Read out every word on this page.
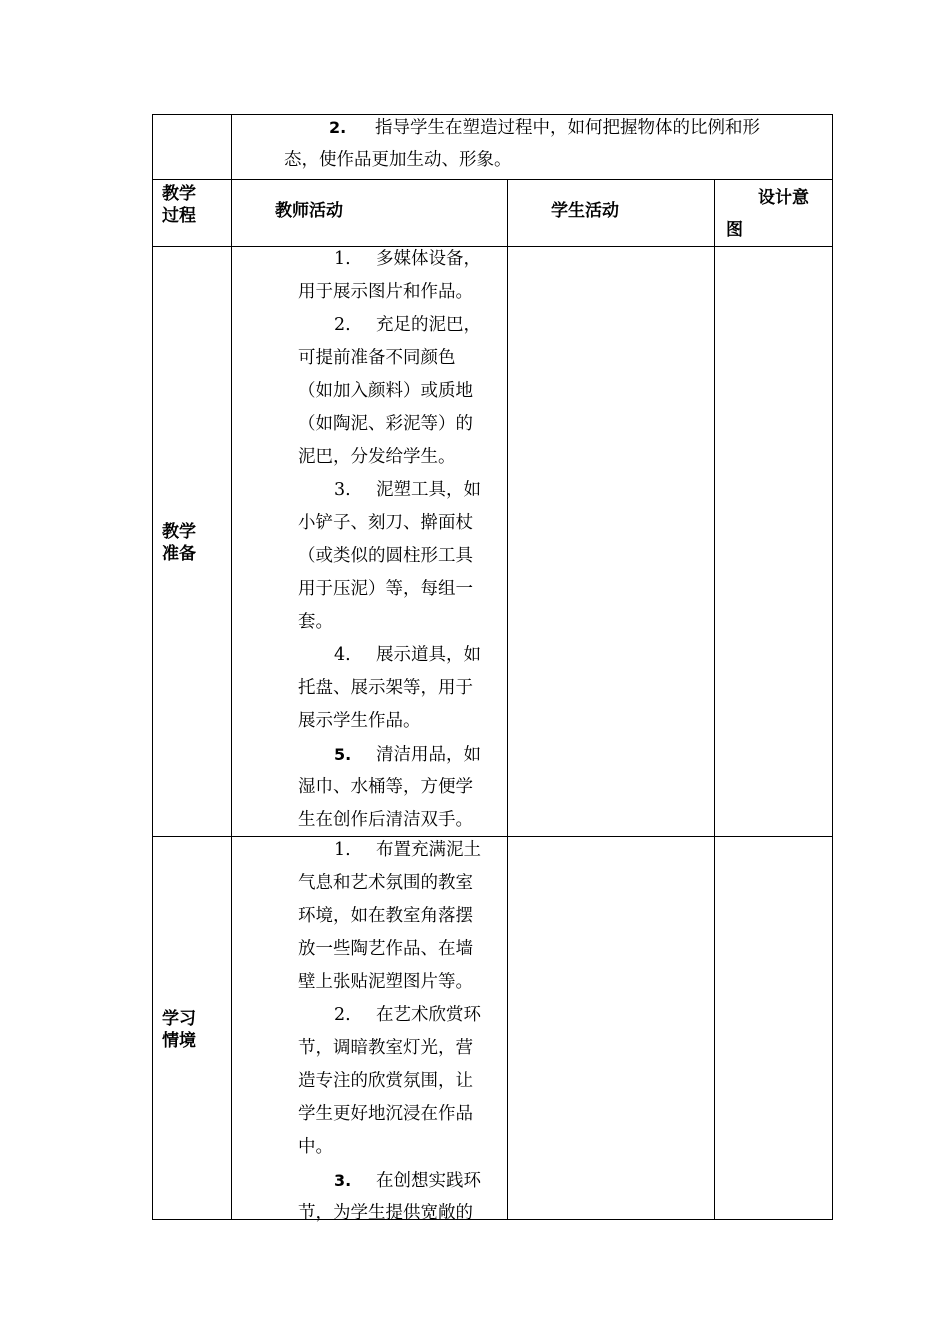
2. 指导学生在塑造过程中，如何把握物体的比例和形
态，使作品更加生动、形象。
教学
过程	教师活动	学生活动
设计意
图
教学
准备
1. 多媒体设备，
用于展示图片和作品。
2. 充足的泥巴，
可提前准备不同颜色
（如加入颜料）或质地
（如陶泥、彩泥等）的
泥巴，分发给学生。
3. 泥塑工具，如
小铲子、刻刀、擀面杖
（或类似的圆柱形工具
用于压泥）等，每组一
套。
4. 展示道具，如
托盘、展示架等，用于
展示学生作品。
5. 清洁用品，如
湿巾、水桶等，方便学
生在创作后清洁双手。
学习
情境
1. 布置充满泥土
气息和艺术氛围的教室
环境，如在教室角落摆
放一些陶艺作品、在墙
壁上张贴泥塑图片等。
2. 在艺术欣赏环
节，调暗教室灯光，营
造专注的欣赏氛围，让
学生更好地沉浸在作品
中。
3. 在创想实践环
节，为学生提供宽敞的
